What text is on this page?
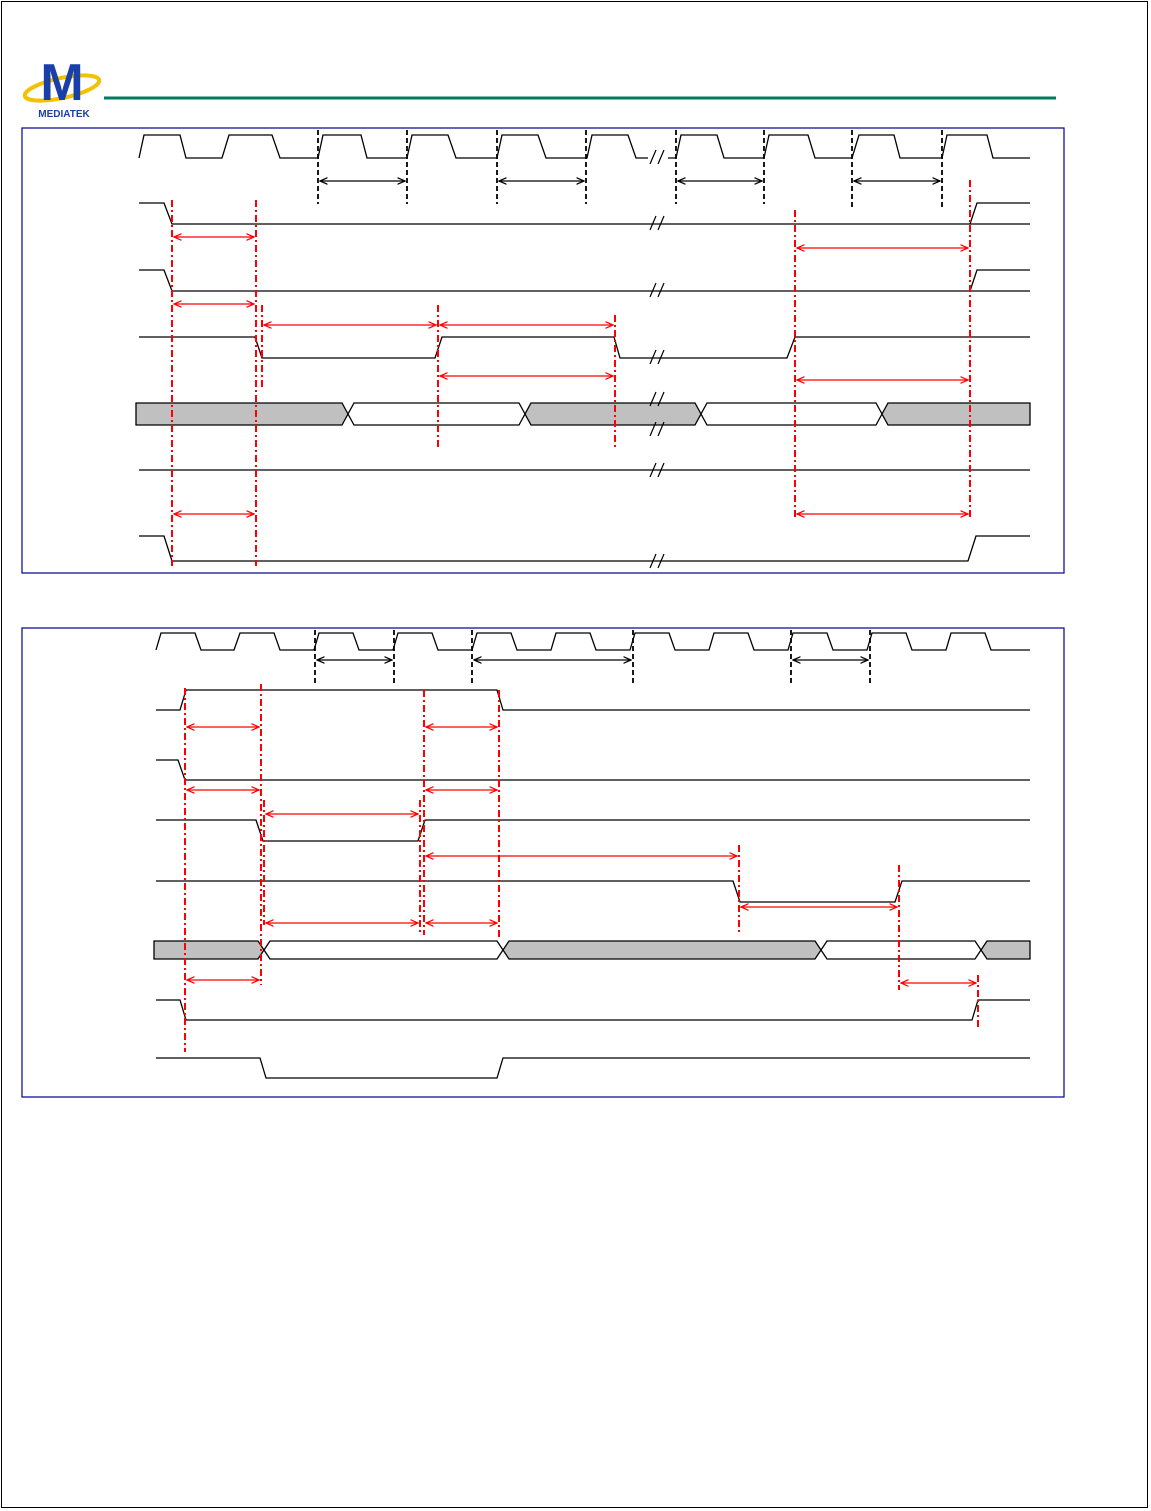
M
MEDIATEK
